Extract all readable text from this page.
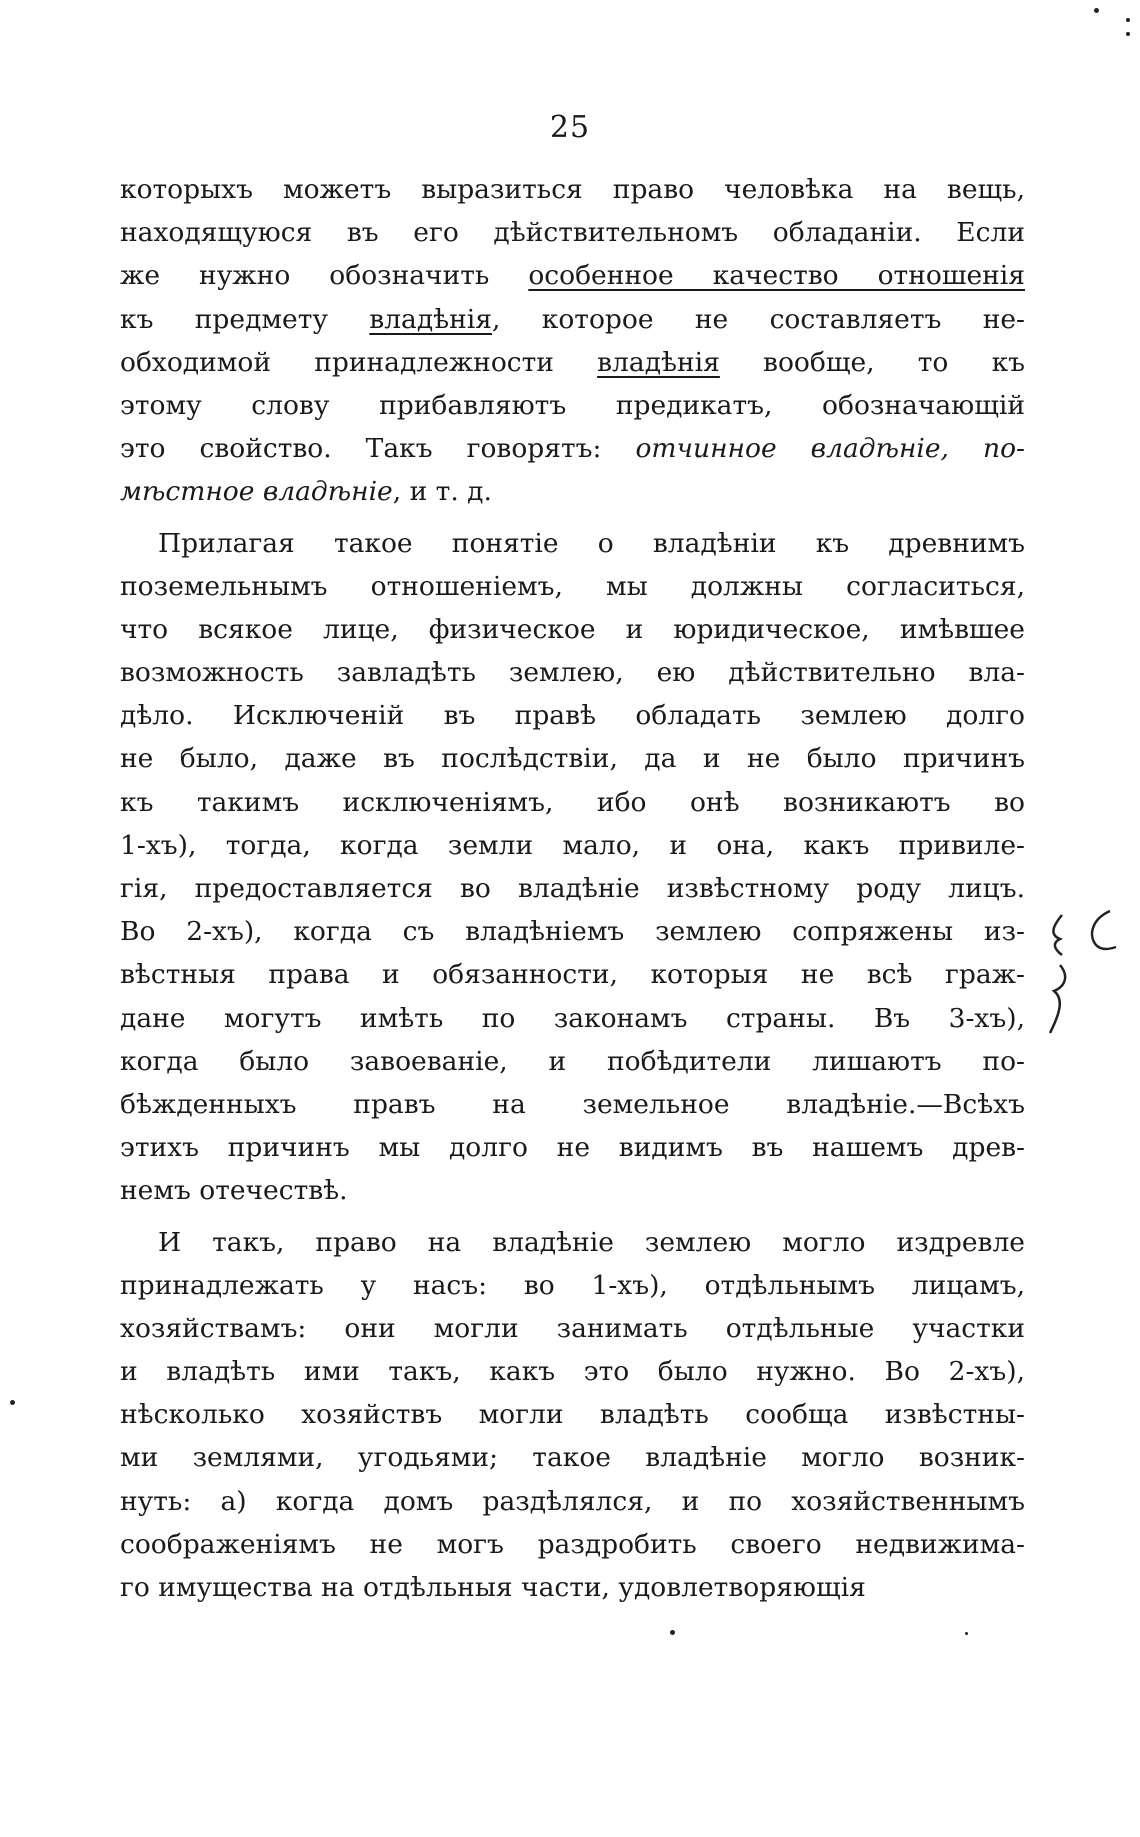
25
которыхъ можетъ выразиться право человѣка на вещь,
находящуюся въ его дѣйствительномъ обладаніи. Если
же нужно обозначить особенное качество отношенія
къ предмету владѣнія, которое не составляетъ не-
обходимой принадлежности владѣнія вообще, то къ
этому слову прибавляютъ предикатъ, обозначающій
это свойство. Такъ говорятъ: отчинное владѣніе, по-
мѣстное владѣніе, и т. д.
Прилагая такое понятіе о владѣніи къ древнимъ
поземельнымъ отношеніемъ, мы должны согласиться,
что всякое лице, физическое и юридическое, имѣвшее
возможность завладѣть землею, ею дѣйствительно вла-
дѣло. Исключеній въ правѣ обладать землею долго
не было, даже въ послѣдствіи, да и не было причинъ
къ такимъ исключеніямъ, ибо онѣ возникаютъ во
1-хъ), тогда, когда земли мало, и она, какъ привиле-
гія, предоставляется во владѣніе извѣстному роду лицъ.
Во 2-хъ), когда съ владѣніемъ землею сопряжены из-
вѣстныя права и обязанности, которыя не всѣ граж-
дане могутъ имѣть по законамъ страны. Въ 3-хъ),
когда было завоеваніе, и побѣдители лишаютъ по-
бѣжденныхъ правъ на земельное владѣніе.—Всѣхъ
этихъ причинъ мы долго не видимъ въ нашемъ древ-
немъ отечествѣ.
И такъ, право на владѣніе землею могло издревле
принадлежать у насъ: во 1-хъ), отдѣльнымъ лицамъ,
хозяйствамъ: они могли занимать отдѣльные участки
и владѣть ими такъ, какъ это было нужно. Во 2-хъ),
нѣсколько хозяйствъ могли владѣть сообща извѣстны-
ми землями, угодьями; такое владѣніе могло возник-
нуть: а) когда домъ раздѣлялся, и по хозяйственнымъ
соображеніямъ не могъ раздробить своего недвижима-
го имущества на отдѣльныя части, удовлетворяющія
